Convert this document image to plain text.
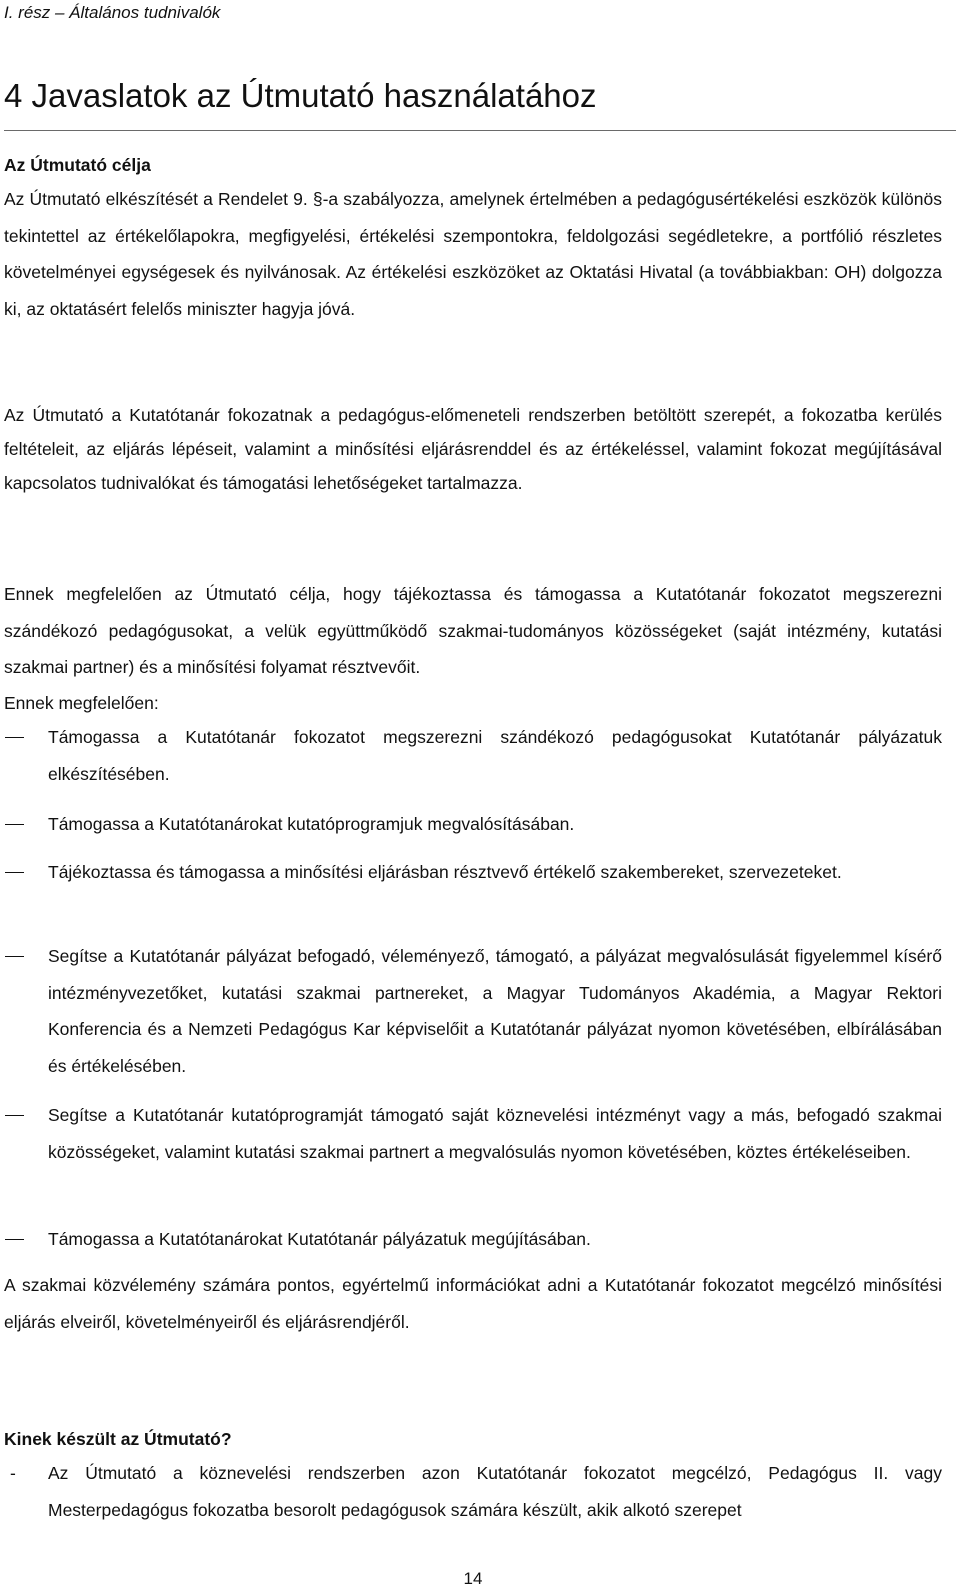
I. rész – Általános tudnivalók

4 Javaslatok az Útmutató használatához
Az Útmutató célja

Az Útmutató elkészítését a Rendelet 9. §-a szabályozza, amelynek értelmében a pedagógusértékelési eszközök különös tekintettel az értékelőlapokra, megfigyelési, értékelési szempontokra, feldolgozási segédletekre, a portfólió részletes követelményei egységesek és nyilvánosak. Az értékelési eszközöket az Oktatási Hivatal (a továbbiakban: OH) dolgozza ki, az oktatásért felelős miniszter hagyja jóvá.

Az Útmutató a Kutatótanár fokozatnak a pedagógus-előmeneteli rendszerben betöltött szerepét, a fokozatba kerülés feltételeit, az eljárás lépéseit, valamint a minősítési eljárásrenddel és az értékeléssel, valamint fokozat megújításával kapcsolatos tudnivalókat és támogatási lehetőségeket tartalmazza.

Ennek megfelelően az Útmutató célja, hogy tájékoztassa és támogassa a Kutatótanár fokozatot megszerezni szándékozó pedagógusokat, a velük együttműködő szakmai-tudományos közösségeket (saját intézmény, kutatási szakmai partner) és a minősítési folyamat résztvevőit.

Ennek megfelelően:

Támogassa a Kutatótanár fokozatot megszerezni szándékozó pedagógusokat Kutatótanár pályázatuk elkészítésében.
Támogassa a Kutatótanárokat kutatóprogramjuk megvalósításában.
Tájékoztassa és támogassa a minősítési eljárásban résztvevő értékelő szakembereket, szervezeteket.
Segítse a Kutatótanár pályázat befogadó, véleményező, támogató, a pályázat megvalósulását figyelemmel kísérő intézményvezetőket, kutatási szakmai partnereket, a Magyar Tudományos Akadémia, a Magyar Rektori Konferencia és a Nemzeti Pedagógus Kar képviselőit a Kutatótanár pályázat nyomon követésében, elbírálásában és értékelésében.
Segítse a Kutatótanár kutatóprogramját támogató saját köznevelési intézményt vagy a más, befogadó szakmai közösségeket, valamint kutatási szakmai partnert a megvalósulás nyomon követésében, köztes értékeléseiben.
Támogassa a Kutatótanárokat Kutatótanár pályázatuk megújításában.

A szakmai közvélemény számára pontos, egyértelmű információkat adni a Kutatótanár fokozatot megcélzó minősítési eljárás elveiről, követelményeiről és eljárásrendjéről.

Kinek készült az Útmutató?
-	Az Útmutató a köznevelési rendszerben azon Kutatótanár fokozatot megcélzó, Pedagógus II. vagy Mesterpedagógus fokozatba besorolt pedagógusok számára készült, akik alkotó szerepet

14
